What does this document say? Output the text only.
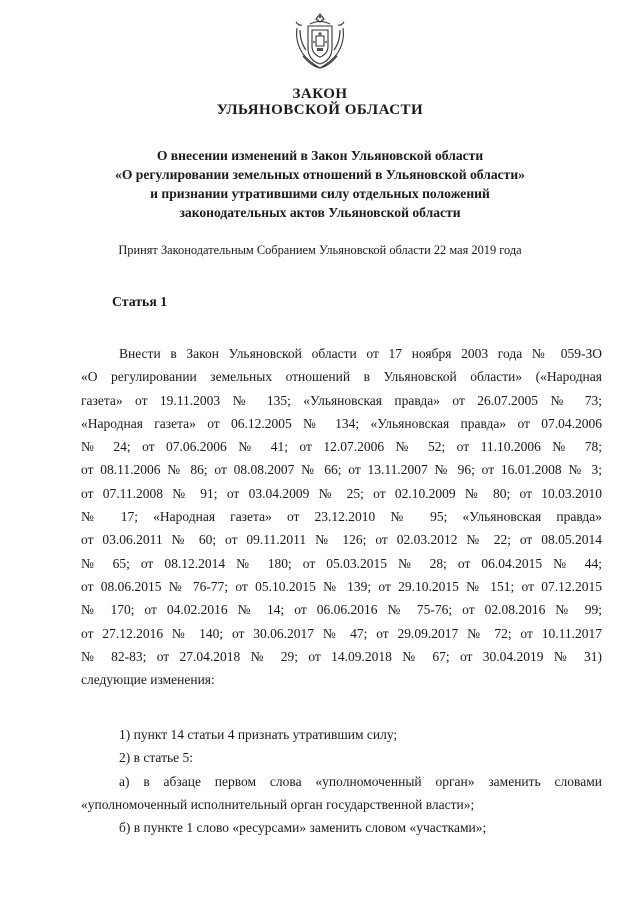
ЗАКОН
УЛЬЯНОВСКОЙ ОБЛАСТИ
О внесении изменений в Закон Ульяновской области
«О регулировании земельных отношений в Ульяновской области»
и признании утратившими силу отдельных положений
законодательных актов Ульяновской области
Принят Законодательным Собранием Ульяновской области 22 мая 2019 года
Статья 1
Внести в Закон Ульяновской области от 17 ноября 2003 года № 059-ЗО
«О регулировании земельных отношений в Ульяновской области» («Народная
газета» от 19.11.2003 № 135; «Ульяновская правда» от 26.07.2005 № 73;
«Народная газета» от 06.12.2005 № 134; «Ульяновская правда» от 07.04.2006
№ 24; от 07.06.2006 № 41; от 12.07.2006 № 52; от 11.10.2006 № 78;
от 08.11.2006 № 86; от 08.08.2007 № 66; от 13.11.2007 № 96; от 16.01.2008 № 3;
от 07.11.2008 № 91; от 03.04.2009 № 25; от 02.10.2009 № 80; от 10.03.2010
№ 17; «Народная газета» от 23.12.2010 № 95; «Ульяновская правда»
от 03.06.2011 № 60; от 09.11.2011 № 126; от 02.03.2012 № 22; от 08.05.2014
№ 65; от 08.12.2014 № 180; от 05.03.2015 № 28; от 06.04.2015 № 44;
от 08.06.2015 № 76-77; от 05.10.2015 № 139; от 29.10.2015 № 151; от 07.12.2015
№ 170; от 04.02.2016 № 14; от 06.06.2016 № 75-76; от 02.08.2016 № 99;
от 27.12.2016 № 140; от 30.06.2017 № 47; от 29.09.2017 № 72; от 10.11.2017
№ 82-83; от 27.04.2018 № 29; от 14.09.2018 № 67; от 30.04.2019 № 31)
следующие изменения:
1) пункт 14 статьи 4 признать утратившим силу;
2) в статье 5:
а) в абзаце первом слова «уполномоченный орган» заменить словами
«уполномоченный исполнительный орган государственной власти»;
б) в пункте 1 слово «ресурсами» заменить словом «участками»;
